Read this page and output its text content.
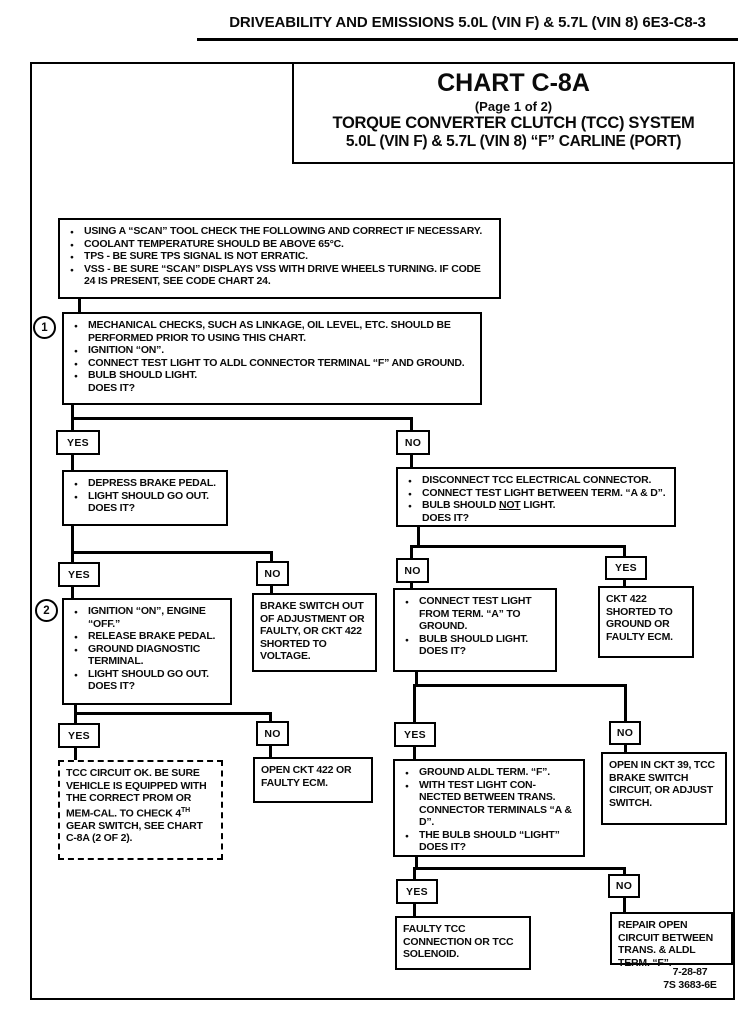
DRIVEABILITY AND EMISSIONS 5.0L (VIN F) & 5.7L (VIN 8) 6E3-C8-3
CHART C-8A
(Page 1 of 2)
TORQUE CONVERTER CLUTCH (TCC) SYSTEM
5.0L (VIN F) & 5.7L (VIN 8) “F” CARLINE (PORT)
● USING A “SCAN” TOOL CHECK THE FOLLOWING AND CORRECT IF NECESSARY.
● COOLANT TEMPERATURE SHOULD BE ABOVE 65°C.
● TPS - BE SURE TPS SIGNAL IS NOT ERRATIC.
● VSS - BE SURE “SCAN” DISPLAYS VSS WITH DRIVE WHEELS TURNING. IF CODE 24 IS PRESENT, SEE CODE CHART 24.
1	● MECHANICAL CHECKS, SUCH AS LINKAGE, OIL LEVEL, ETC. SHOULD BE PERFORMED PRIOR TO USING THIS CHART.
● IGNITION “ON”.
● CONNECT TEST LIGHT TO ALDL CONNECTOR TERMINAL “F” AND GROUND.
● BULB SHOULD LIGHT.
DOES IT?
YES	NO
● DEPRESS BRAKE PEDAL.
● LIGHT SHOULD GO OUT.
DOES IT?
● DISCONNECT TCC ELECTRICAL CONNECTOR.
● CONNECT TEST LIGHT BETWEEN TERM. “A & D”.
● BULB SHOULD NOT LIGHT.
DOES IT?
YES	NO
2	● IGNITION “ON”, ENGINE “OFF.”
● RELEASE BRAKE PEDAL.
● GROUND DIAGNOSTIC TERMINAL.
● LIGHT SHOULD GO OUT.
DOES IT?
BRAKE SWITCH OUT OF ADJUSTMENT OR FAULTY, OR CKT 422 SHORTED TO VOLTAGE.
NO	YES
● CONNECT TEST LIGHT FROM TERM. “A” TO GROUND.
● BULB SHOULD LIGHT.
DOES IT?
CKT 422 SHORTED TO GROUND OR FAULTY ECM.
YES	NO
TCC CIRCUIT OK. BE SURE VEHICLE IS EQUIPPED WITH THE CORRECT PROM OR MEM-CAL. TO CHECK 4TH GEAR SWITCH, SEE CHART C-8A (2 OF 2).
OPEN CKT 422 OR FAULTY ECM.
YES	NO
● GROUND ALDL TERM. “F”.
● WITH TEST LIGHT CON-NECTED BETWEEN TRANS. CONNECTOR TERMINALS “A & D”.
● THE BULB SHOULD “LIGHT”
DOES IT?
OPEN IN CKT 39, TCC BRAKE SWITCH CIRCUIT, OR ADJUST SWITCH.
YES	NO
FAULTY TCC CONNECTION OR TCC SOLENOID.
REPAIR OPEN CIRCUIT BETWEEN TRANS. & ALDL TERM. “F”.
7-28-87
7S 3683-6E
